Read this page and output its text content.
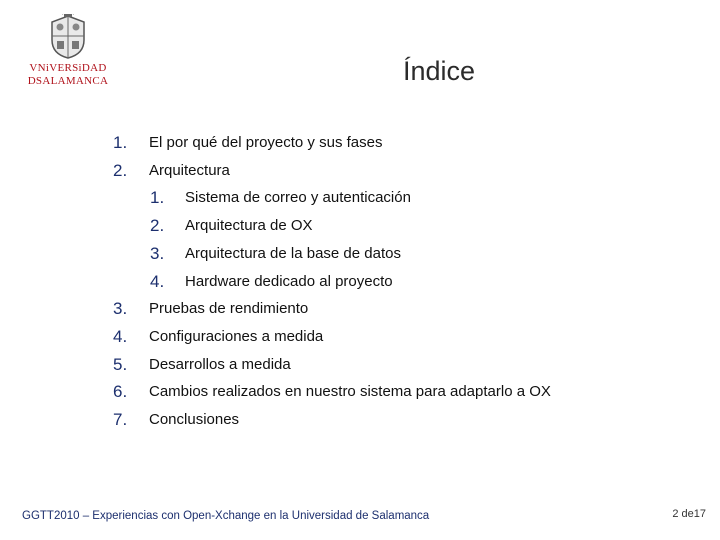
VNiVERSiDAD
DSALAMANCA	Índice
1. El por qué del proyecto y sus fases
2. Arquitectura
1. Sistema de correo y autenticación
2. Arquitectura de OX
3. Arquitectura de la base de datos
4. Hardware dedicado al proyecto
3. Pruebas de rendimiento
4. Configuraciones a medida
5. Desarrollos a medida
6. Cambios realizados en nuestro sistema para adaptarlo a OX
7. Conclusiones
GGTT2010 – Experiencias con Open-Xchange en la Universidad de Salamanca	2 de17
